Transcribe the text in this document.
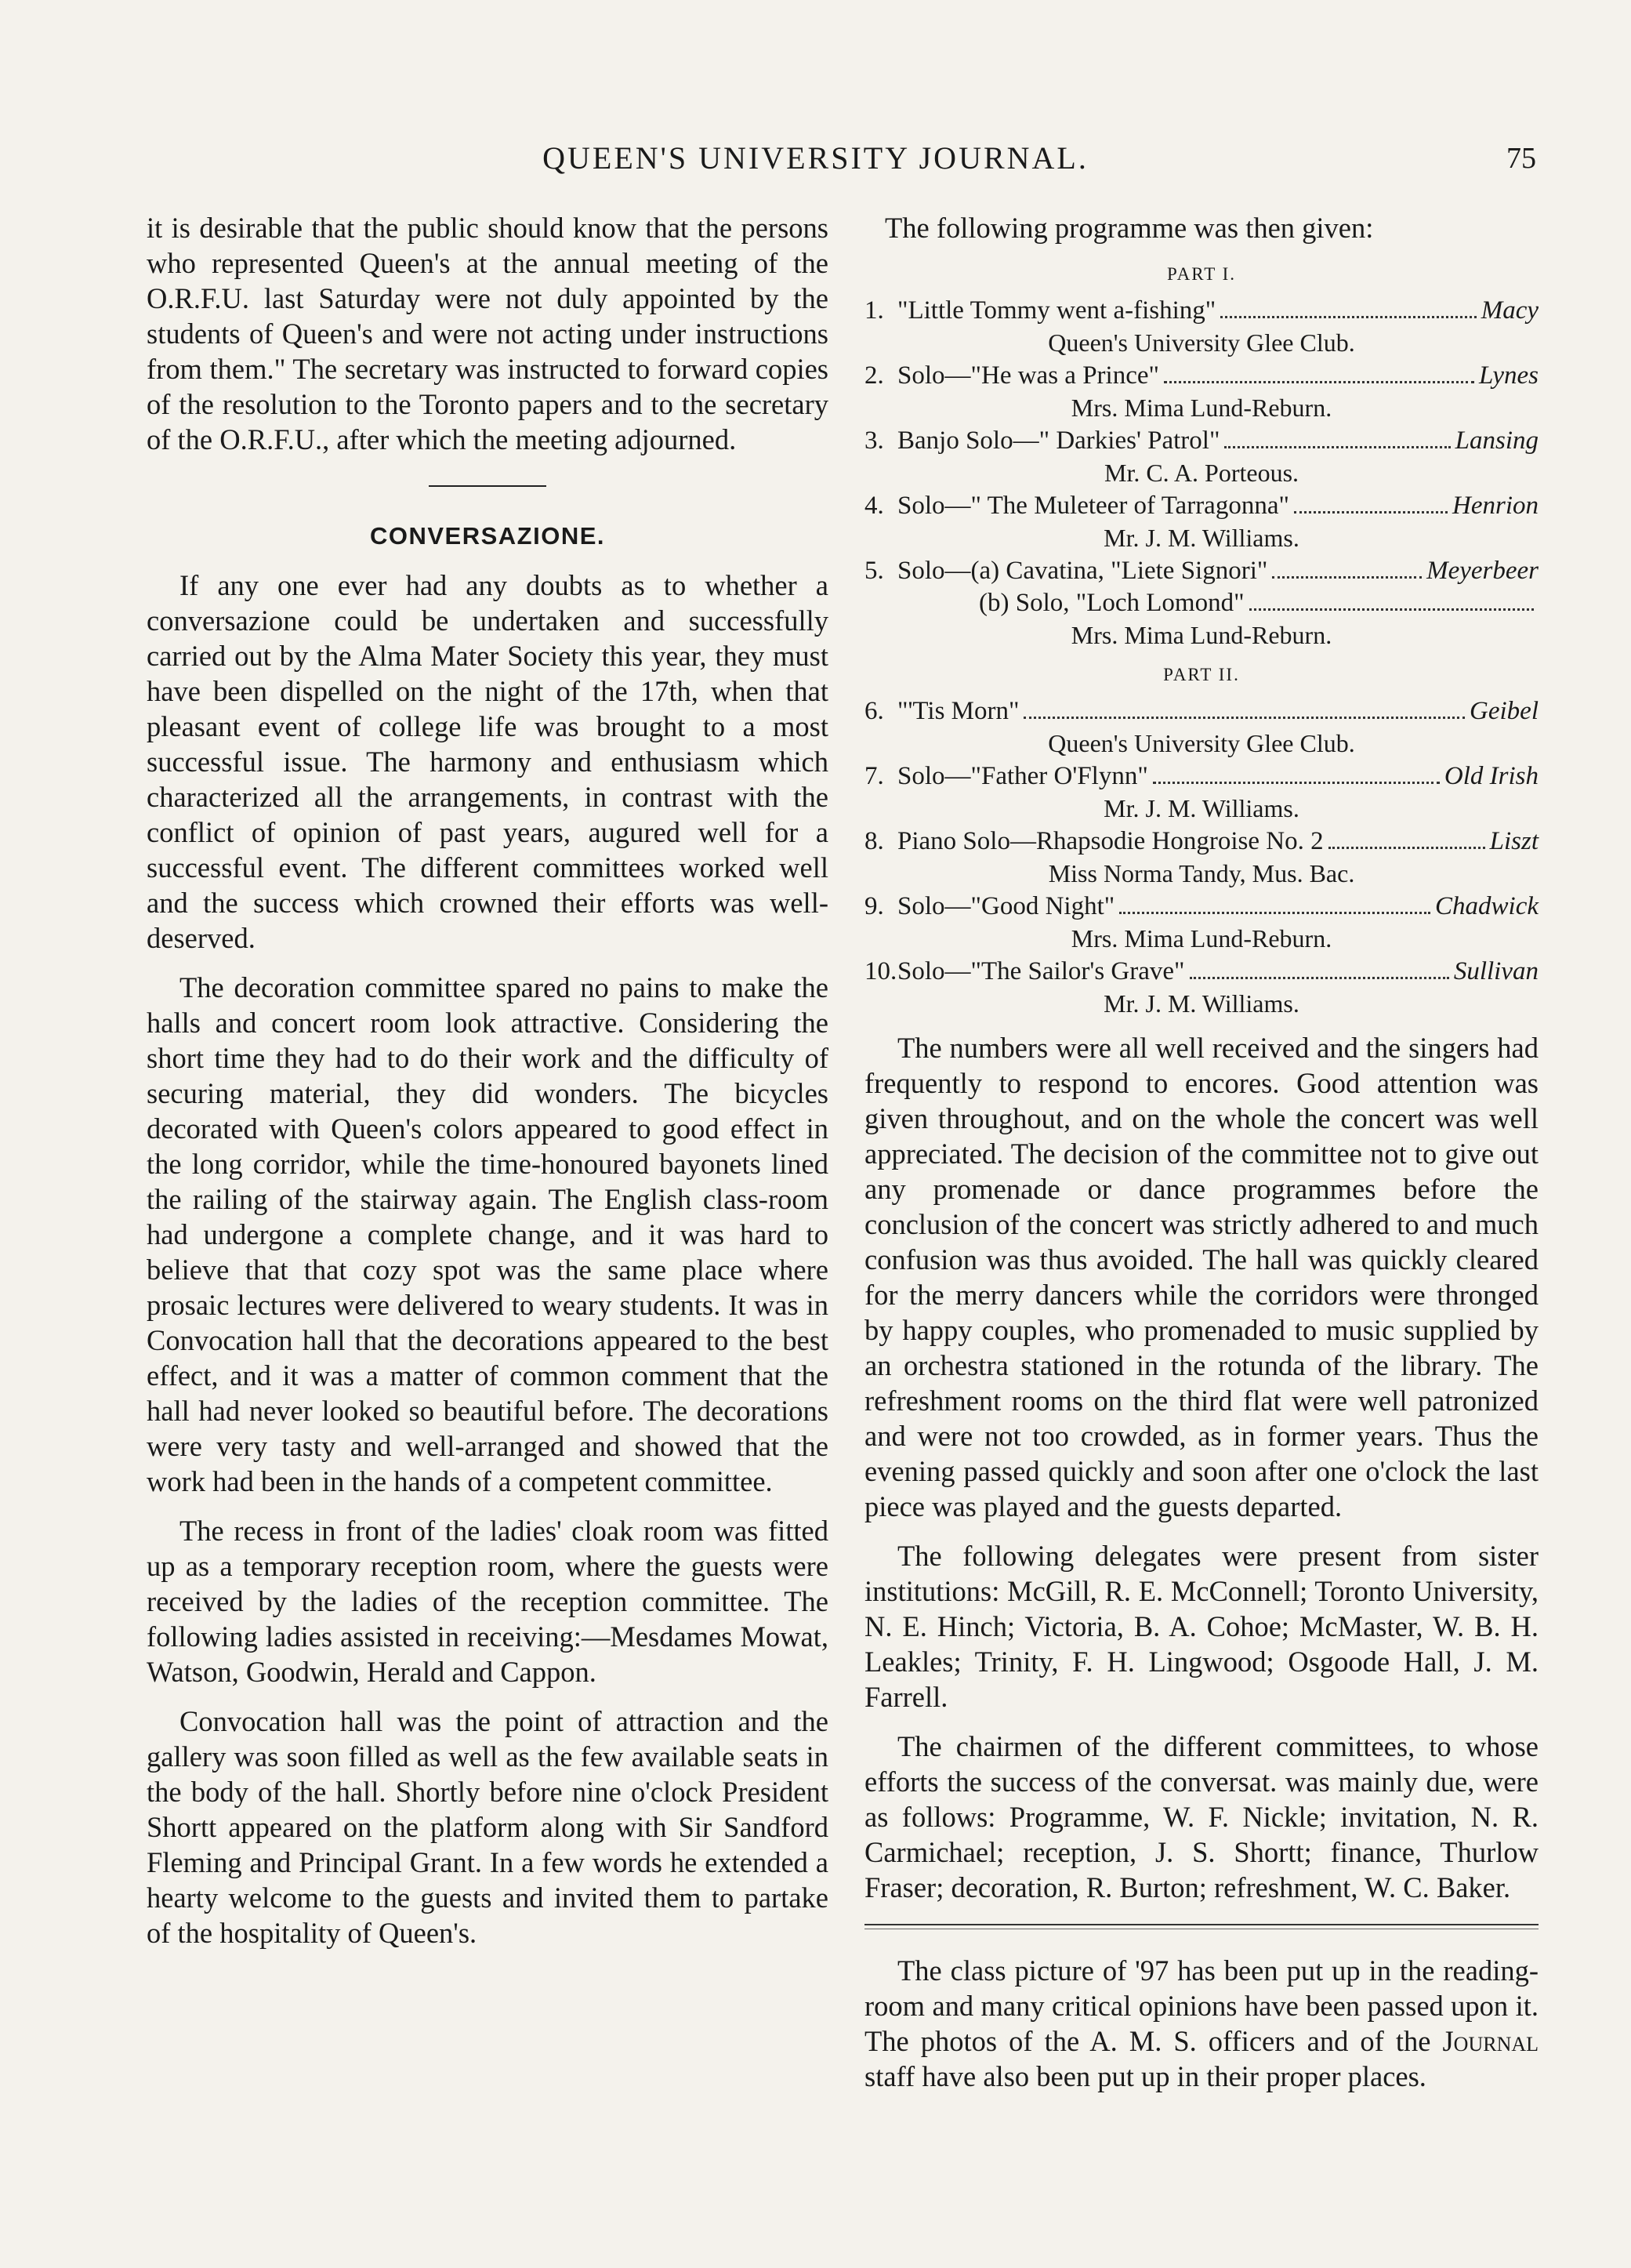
QUEEN'S UNIVERSITY JOURNAL.	75

it is desirable that the public should know that the persons who represented Queen's at the annual meeting of the O.R.F.U. last Saturday were not duly appointed by the students of Queen's and were not acting under instructions from them." The secretary was instructed to forward copies of the resolution to the Toronto papers and to the secretary of the O.R.F.U., after which the meeting adjourned.

CONVERSAZIONE.

If any one ever had any doubts as to whether a conversazione could be undertaken and successfully carried out by the Alma Mater Society this year, they must have been dispelled on the night of the 17th, when that pleasant event of college life was brought to a most successful issue. The harmony and enthusiasm which characterized all the arrangements, in contrast with the conflict of opinion of past years, augured well for a successful event. The different committees worked well and the success which crowned their efforts was well-deserved.

The decoration committee spared no pains to make the halls and concert room look attractive. Considering the short time they had to do their work and the difficulty of securing material, they did wonders. The bicycles decorated with Queen's colors appeared to good effect in the long corridor, while the time-honoured bayonets lined the railing of the stairway again. The English class-room had undergone a complete change, and it was hard to believe that that cozy spot was the same place where prosaic lectures were delivered to weary students. It was in Convocation hall that the decorations appeared to the best effect, and it was a matter of common comment that the hall had never looked so beautiful before. The decorations were very tasty and well-arranged and showed that the work had been in the hands of a competent committee.

The recess in front of the ladies' cloak room was fitted up as a temporary reception room, where the guests were received by the ladies of the reception committee. The following ladies assisted in receiving:—Mesdames Mowat, Watson, Goodwin, Herald and Cappon.

Convocation hall was the point of attraction and the gallery was soon filled as well as the few available seats in the body of the hall. Shortly before nine o'clock President Shortt appeared on the platform along with Sir Sandford Fleming and Principal Grant. In a few words he extended a hearty welcome to the guests and invited them to partake of the hospitality of Queen's.

The following programme was then given:
PART I.
1. "Little Tommy went a-fishing"	Macy
Queen's University Glee Club.
2. Solo—"He was a Prince"	Lynes
Mrs. Mima Lund-Reburn.
3. Banjo Solo—" Darkies' Patrol"	Lansing
Mr. C. A. Porteous.
4. Solo—" The Muleteer of Tarragonna"	Henrion
Mr. J. M. Williams.
5. Solo—(a) Cavatina, "Liete Signori"	Meyerbeer
(b) Solo, "Loch Lomond"
Mrs. Mima Lund-Reburn.
PART II.
6. "'Tis Morn"	Geibel
Queen's University Glee Club.
7. Solo—"Father O'Flynn"	Old Irish
Mr. J. M. Williams.
8. Piano Solo—Rhapsodie Hongroise No. 2	Liszt
Miss Norma Tandy, Mus. Bac.
9. Solo—"Good Night"	Chadwick
Mrs. Mima Lund-Reburn.
10. Solo—"The Sailor's Grave"	Sullivan
Mr. J. M. Williams.

The numbers were all well received and the singers had frequently to respond to encores. Good attention was given throughout, and on the whole the concert was well appreciated. The decision of the committee not to give out any promenade or dance programmes before the conclusion of the concert was strictly adhered to and much confusion was thus avoided. The hall was quickly cleared for the merry dancers while the corridors were thronged by happy couples, who promenaded to music supplied by an orchestra stationed in the rotunda of the library. The refreshment rooms on the third flat were well patronized and were not too crowded, as in former years. Thus the evening passed quickly and soon after one o'clock the last piece was played and the guests departed.

The following delegates were present from sister institutions: McGill, R. E. McConnell; Toronto University, N. E. Hinch; Victoria, B. A. Cohoe; McMaster, W. B. H. Leakles; Trinity, F. H. Lingwood; Osgoode Hall, J. M. Farrell.

The chairmen of the different committees, to whose efforts the success of the conversat. was mainly due, were as follows: Programme, W. F. Nickle; invitation, N. R. Carmichael; reception, J. S. Shortt; finance, Thurlow Fraser; decoration, R. Burton; refreshment, W. C. Baker.

The class picture of '97 has been put up in the reading-room and many critical opinions have been passed upon it. The photos of the A. M. S. officers and of the Journal staff have also been put up in their proper places.
